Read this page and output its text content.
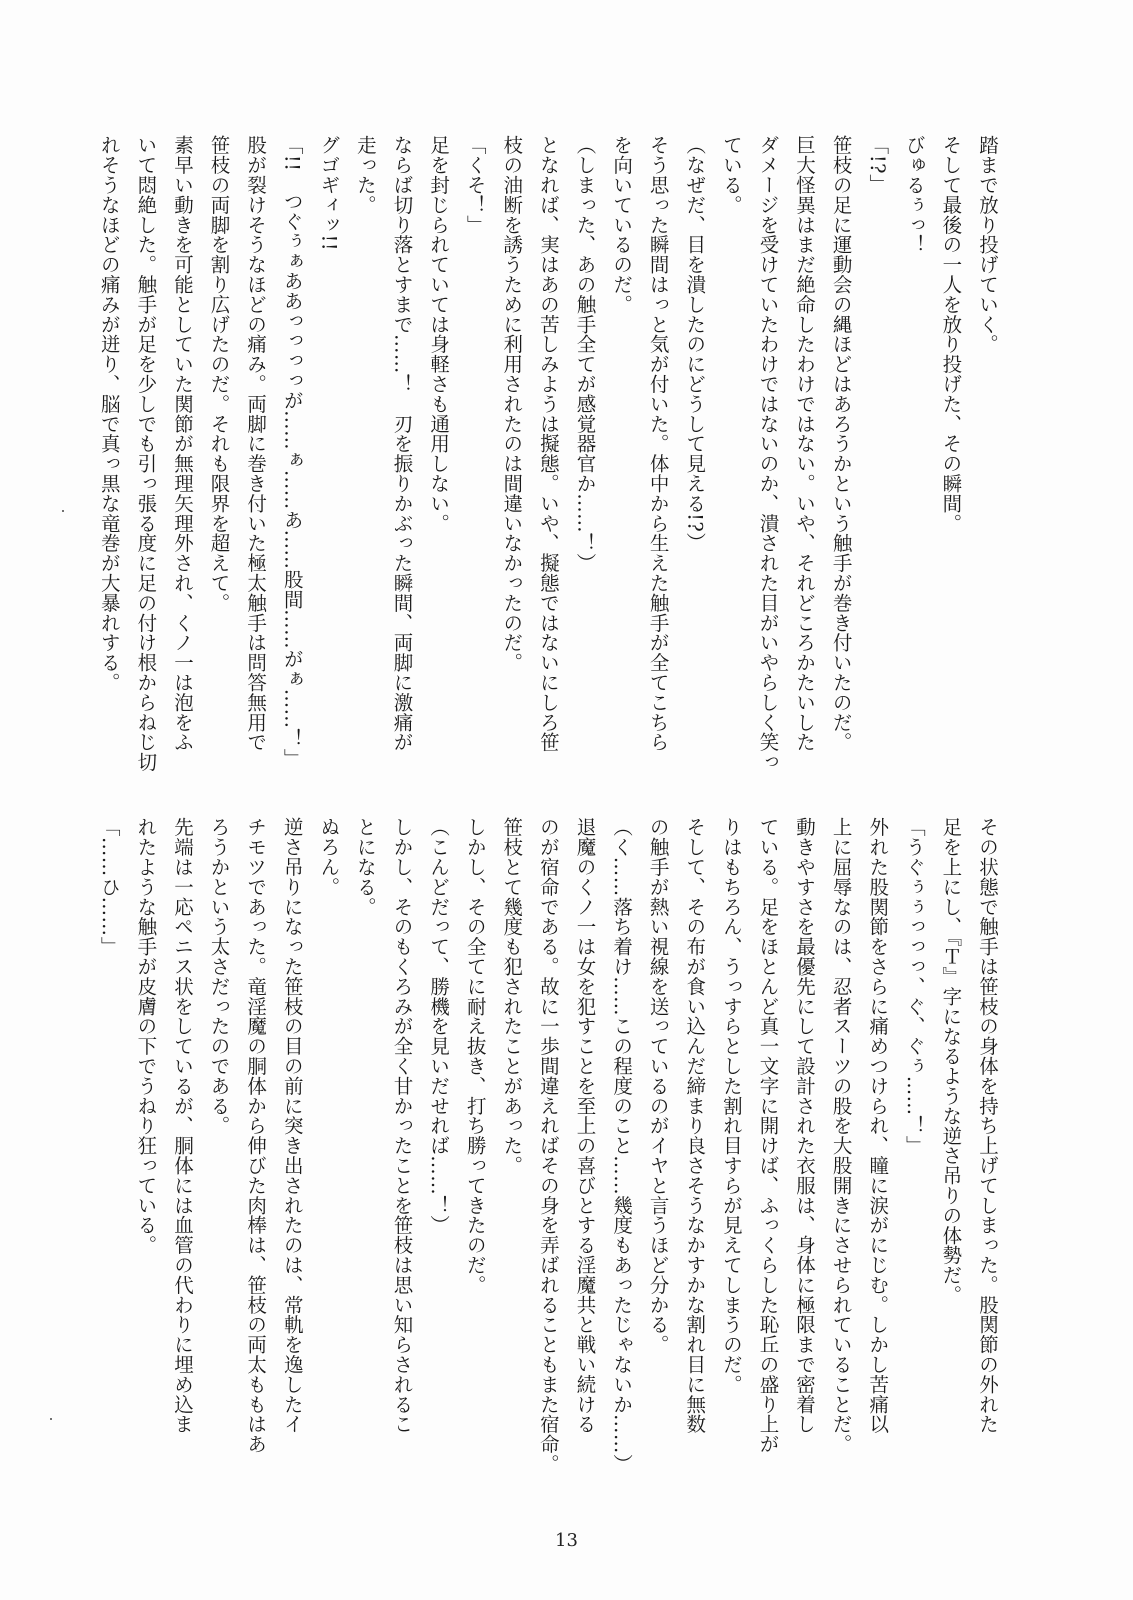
踏まで放り投げていく。
そして最後の一人を放り投げた、その瞬間。
びゅるぅっ！
「!?」
笹枝の足に運動会の縄ほどはあろうかという触手が巻き付いたのだ。
巨大怪異はまだ絶命したわけではない。いや、それどころかたいした
ダメージを受けていたわけではないのか、潰された目がいやらしく笑っ
ている。
（なぜだ、目を潰したのにどうして見える!?）
そう思った瞬間はっと気が付いた。体中から生えた触手が全てこちら
を向いているのだ。
（しまった、あの触手全てが感覚器官か……！）
となれば、実はあの苦しみようは擬態。いや、擬態ではないにしろ笹
枝の油断を誘うために利用されたのは間違いなかったのだ。
「くそ！」
足を封じられていては身軽さも通用しない。
ならば切り落とすまで……！　刃を振りかぶった瞬間、両脚に激痛が
走った。
グゴギィッ!!
「!!　つぐぅぁああっっっっが……ぁ……あ……股間……がぁ……！」
股が裂けそうなほどの痛み。両脚に巻き付いた極太触手は問答無用で
笹枝の両脚を割り広げたのだ。それも限界を超えて。
素早い動きを可能としていた関節が無理矢理外され、くノ一は泡をふ
いて悶絶した。触手が足を少しでも引っ張る度に足の付け根からねじ切
れそうなほどの痛みが迸り、脳で真っ黒な竜巻が大暴れする。
その状態で触手は笹枝の身体を持ち上げてしまった。股関節の外れた
足を上にし、『Ｔ』字になるような逆さ吊りの体勢だ。
「うぐぅぅっっっ、ぐ、ぐぅ……！」
外れた股関節をさらに痛めつけられ、瞳に涙がにじむ。しかし苦痛以
上に屈辱なのは、忍者スーツの股を大股開きにさせられていることだ。
動きやすさを最優先にして設計された衣服は、身体に極限まで密着し
ている。足をほとんど真一文字に開けば、ふっくらした恥丘の盛り上が
りはもちろん、うっすらとした割れ目すらが見えてしまうのだ。
そして、その布が食い込んだ締まり良さそうなかすかな割れ目に無数
の触手が熱い視線を送っているのがイヤと言うほど分かる。
（く……落ち着け……この程度のこと……幾度もあったじゃないか……）
退魔のくノ一は女を犯すことを至上の喜びとする淫魔共と戦い続ける
のが宿命である。故に一歩間違えればその身を弄ばれることもまた宿命。
笹枝とて幾度も犯されたことがあった。
しかし、その全てに耐え抜き、打ち勝ってきたのだ。
（こんどだって、勝機を見いだせれば……！）
しかし、そのもくろみが全く甘かったことを笹枝は思い知らされるこ
とになる。
ぬろん。
逆さ吊りになった笹枝の目の前に突き出されたのは、常軌を逸したイ
チモツであった。竜淫魔の胴体から伸びた肉棒は、笹枝の両太ももはあ
ろうかという太さだったのである。
先端は一応ペニス状をしているが、胴体には血管の代わりに埋め込ま
れたような触手が皮膚の下でうねり狂っている。
「……ひ……」
13
